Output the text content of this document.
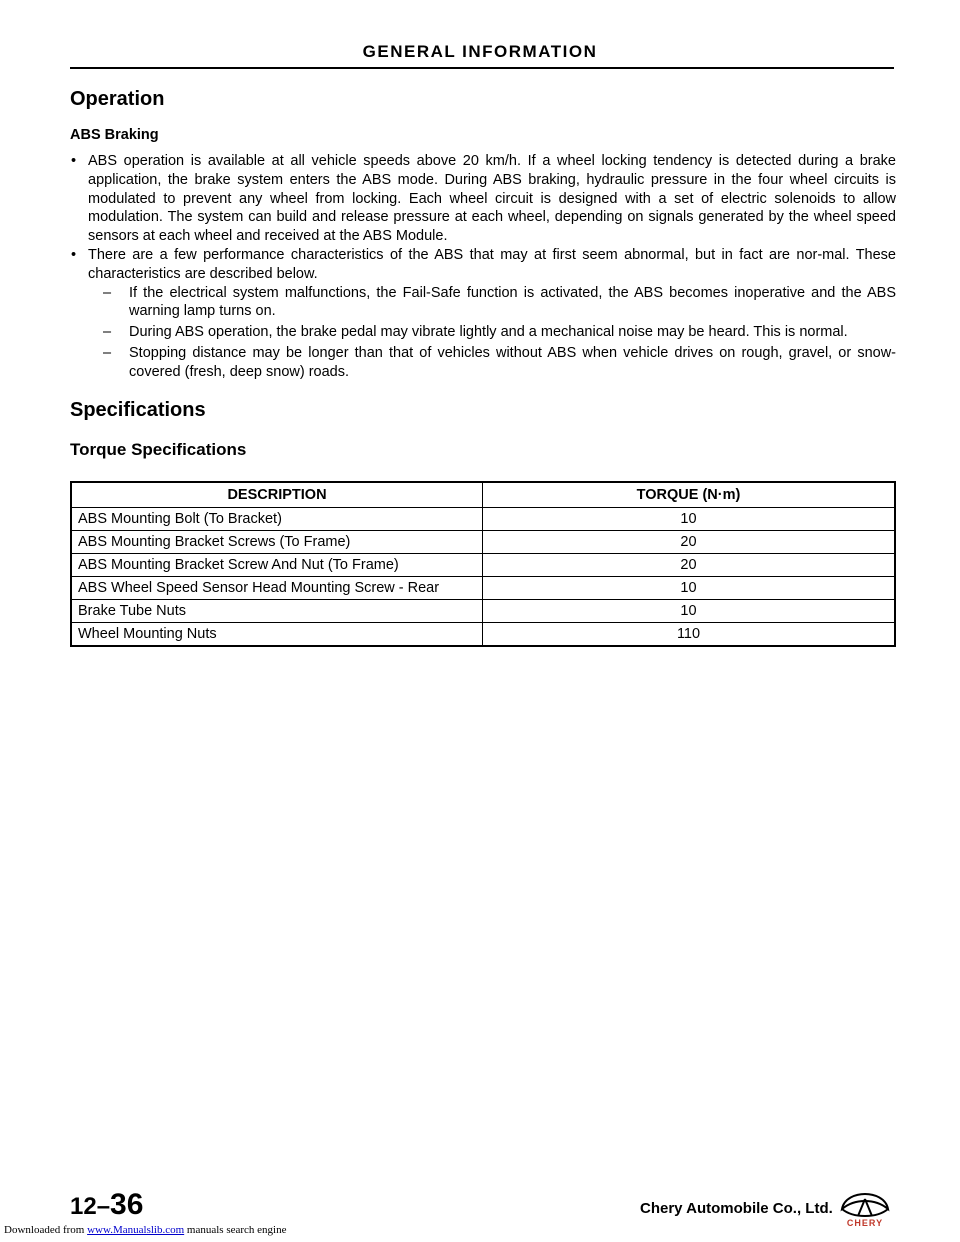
GENERAL INFORMATION
Operation
ABS Braking
• ABS operation is available at all vehicle speeds above 20 km/h. If a wheel locking tendency is detected during a brake application, the brake system enters the ABS mode. During ABS braking, hydraulic pressure in the four wheel circuits is modulated to prevent any wheel from locking. Each wheel circuit is designed with a set of electric solenoids to allow modulation. The system can build and release pressure at each wheel, depending on signals generated by the wheel speed sensors at each wheel and received at the ABS Module.
• There are a few performance characteristics of the ABS that may at first seem abnormal, but in fact are nor-mal. These characteristics are described below.
– If the electrical system malfunctions, the Fail-Safe function is activated, the ABS becomes inoperative and the ABS warning lamp turns on.
– During ABS operation, the brake pedal may vibrate lightly and a mechanical noise may be heard. This is normal.
– Stopping distance may be longer than that of vehicles without ABS when vehicle drives on rough, gravel, or snow-covered (fresh, deep snow) roads.
Specifications
Torque Specifications
DESCRIPTION	TORQUE (N·m)
ABS Mounting Bolt (To Bracket)	10
ABS Mounting Bracket Screws (To Frame)	20
ABS Mounting Bracket Screw And Nut (To Frame)	20
ABS Wheel Speed Sensor Head Mounting Screw - Rear	10
Brake Tube Nuts	10
Wheel Mounting Nuts	110
12–36	Chery Automobile Co., Ltd.
CHERY
Downloaded from www.Manualslib.com manuals search engine
